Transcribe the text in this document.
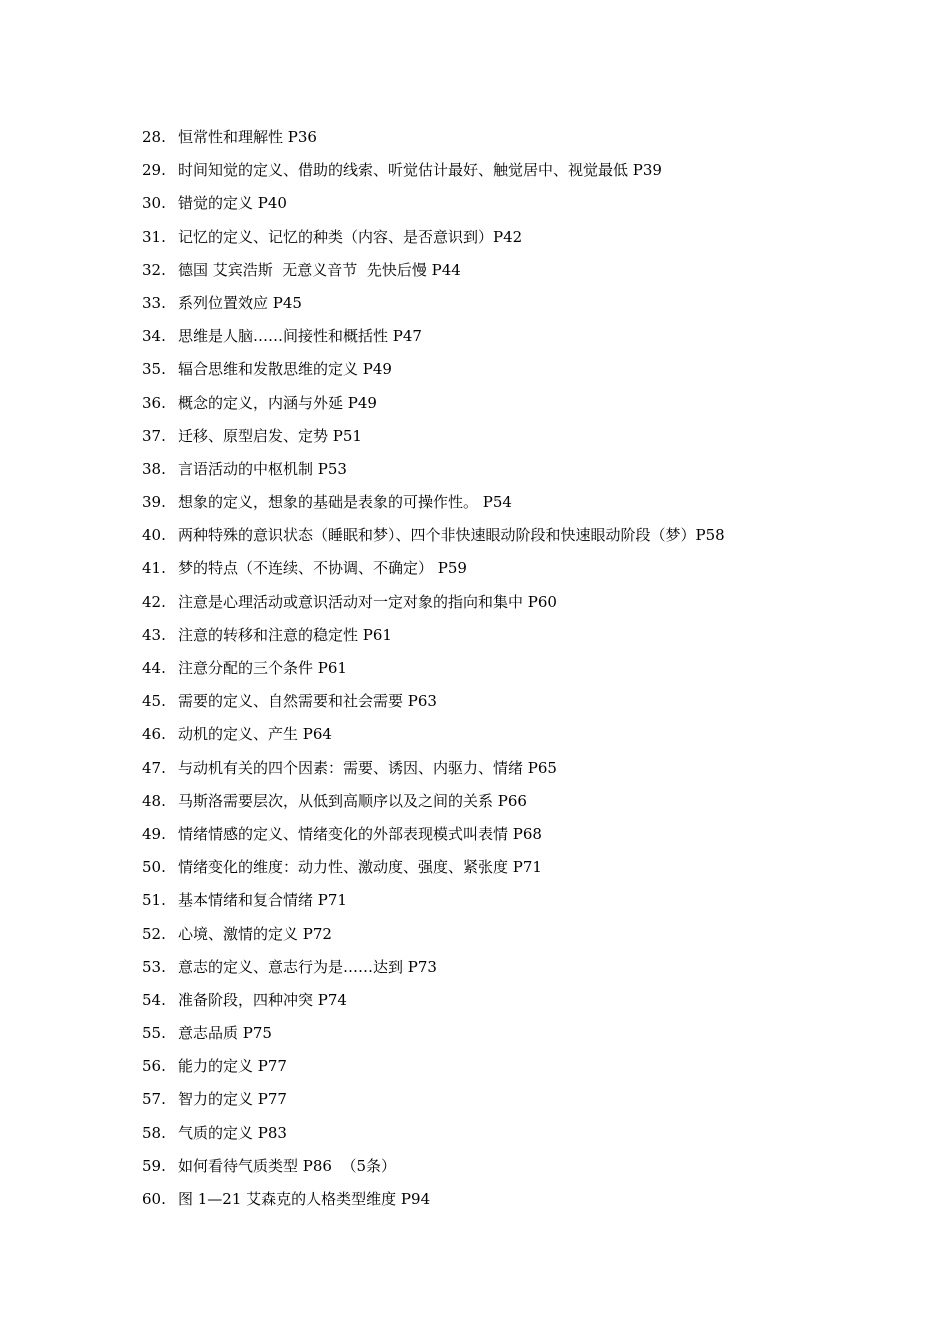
28. 恒常性和理解性 P36
29. 时间知觉的定义、借助的线索、听觉估计最好、触觉居中、视觉最低 P39
30. 错觉的定义 P40
31. 记忆的定义、记忆的种类（内容、是否意识到）P42
32. 德国 艾宾浩斯  无意义音节  先快后慢 P44
33. 系列位置效应 P45
34. 思维是人脑……间接性和概括性 P47
35. 辐合思维和发散思维的定义 P49
36. 概念的定义，内涵与外延 P49
37. 迁移、原型启发、定势 P51
38. 言语活动的中枢机制 P53
39. 想象的定义，想象的基础是表象的可操作性。 P54
40. 两种特殊的意识状态（睡眠和梦）、四个非快速眼动阶段和快速眼动阶段（梦）P58
41. 梦的特点（不连续、不协调、不确定） P59
42. 注意是心理活动或意识活动对一定对象的指向和集中 P60
43. 注意的转移和注意的稳定性 P61
44. 注意分配的三个条件 P61
45. 需要的定义、自然需要和社会需要 P63
46. 动机的定义、产生 P64
47. 与动机有关的四个因素：需要、诱因、内驱力、情绪 P65
48. 马斯洛需要层次，从低到高顺序以及之间的关系 P66
49. 情绪情感的定义、情绪变化的外部表现模式叫表情 P68
50. 情绪变化的维度：动力性、激动度、强度、紧张度 P71
51. 基本情绪和复合情绪 P71
52. 心境、激情的定义 P72
53. 意志的定义、意志行为是……达到 P73
54. 准备阶段，四种冲突 P74
55. 意志品质 P75
56. 能力的定义 P77
57. 智力的定义 P77
58. 气质的定义 P83
59. 如何看待气质类型 P86  （5条）
60. 图 1—21 艾森克的人格类型维度 P94
